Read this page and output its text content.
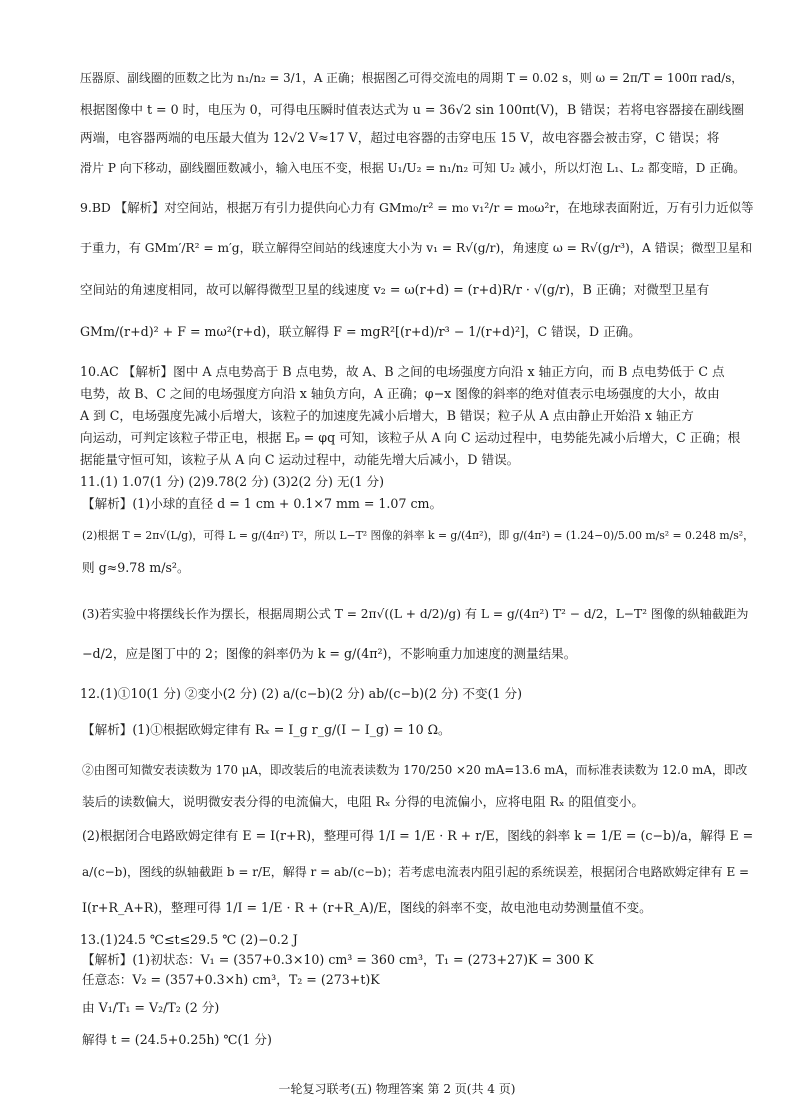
压器原、副线圈的匝数之比为 n₁/n₂ = 3/1，A 正确；根据图乙可得交流电的周期 T = 0.02 s，则 ω = 2π/T = 100π rad/s，
根据图像中 t = 0 时，电压为 0，可得电压瞬时值表达式为 u = 36√2 sin 100πt(V)，B 错误；若将电容器接在副线圈
两端，电容器两端的电压最大值为 12√2 V≈17 V，超过电容器的击穿电压 15 V，故电容器会被击穿，C 错误；将
滑片 P 向下移动，副线圈匝数减小，输入电压不变，根据 U₁/U₂ = n₁/n₂ 可知 U₂ 减小，所以灯泡 L₁、L₂ 都变暗，D 正确。
9.BD 【解析】对空间站，根据万有引力提供向心力有 GMm₀/r² = m₀ v₁²/r = m₀ω²r，在地球表面附近，万有引力近似等
于重力，有 GMm′/R² = m′g，联立解得空间站的线速度大小为 v₁ = R√(g/r)，角速度 ω = R√(g/r³)，A 错误；微型卫星和
空间站的角速度相同，故可以解得微型卫星的线速度 v₂ = ω(r+d) = (r+d)R/r · √(g/r)，B 正确；对微型卫星有
GMm/(r+d)² + F = mω²(r+d)，联立解得 F = mgR²[(r+d)/r³ − 1/(r+d)²]，C 错误，D 正确。
10.AC 【解析】图中 A 点电势高于 B 点电势，故 A、B 之间的电场强度方向沿 x 轴正方向，而 B 点电势低于 C 点
电势，故 B、C 之间的电场强度方向沿 x 轴负方向，A 正确；φ−x 图像的斜率的绝对值表示电场强度的大小，故由
A 到 C，电场强度先减小后增大，该粒子的加速度先减小后增大，B 错误；粒子从 A 点由静止开始沿 x 轴正方
向运动，可判定该粒子带正电，根据 Eₚ = φq 可知，该粒子从 A 向 C 运动过程中，电势能先减小后增大，C 正确；根
据能量守恒可知，该粒子从 A 向 C 运动过程中，动能先增大后减小，D 错误。
11.(1) 1.07(1 分) (2)9.78(2 分) (3)2(2 分) 无(1 分)
【解析】(1)小球的直径 d = 1 cm + 0.1×7 mm = 1.07 cm。
(2)根据 T = 2π√(L/g)，可得 L = g/(4π²) T²，所以 L−T² 图像的斜率 k = g/(4π²)，即 g/(4π²) = (1.24−0)/5.00 m/s² = 0.248 m/s²，
则 g≈9.78 m/s²。
(3)若实验中将摆线长作为摆长，根据周期公式 T = 2π√((L + d/2)/g) 有 L = g/(4π²) T² − d/2，L−T² 图像的纵轴截距为
−d/2，应是图丁中的 2；图像的斜率仍为 k = g/(4π²)，不影响重力加速度的测量结果。
12.(1)①10(1 分) ②变小(2 分) (2) a/(c−b)(2 分) ab/(c−b)(2 分) 不变(1 分)
【解析】(1)①根据欧姆定律有 Rₓ = I_g r_g/(I − I_g) = 10 Ω。
②由图可知微安表读数为 170 μA，即改装后的电流表读数为 170/250 ×20 mA=13.6 mA，而标准表读数为 12.0 mA，即改
装后的读数偏大，说明微安表分得的电流偏大，电阻 Rₓ 分得的电流偏小，应将电阻 Rₓ 的阻值变小。
(2)根据闭合电路欧姆定律有 E = I(r+R)，整理可得 1/I = 1/E · R + r/E，图线的斜率 k = 1/E = (c−b)/a，解得 E =
a/(c−b)，图线的纵轴截距 b = r/E，解得 r = ab/(c−b)；若考虑电流表内阻引起的系统误差，根据闭合电路欧姆定律有 E =
I(r+R_A+R)，整理可得 1/I = 1/E · R + (r+R_A)/E，图线的斜率不变，故电池电动势测量值不变。
13.(1)24.5 ℃≤t≤29.5 ℃ (2)−0.2 J
【解析】(1)初状态：V₁ = (357+0.3×10) cm³ = 360 cm³，T₁ = (273+27)K = 300 K
任意态：V₂ = (357+0.3×h) cm³，T₂ = (273+t)K
由 V₁/T₁ = V₂/T₂ (2 分)
解得 t = (24.5+0.25h) ℃(1 分)
一轮复习联考(五) 物理答案 第 2 页(共 4 页)
